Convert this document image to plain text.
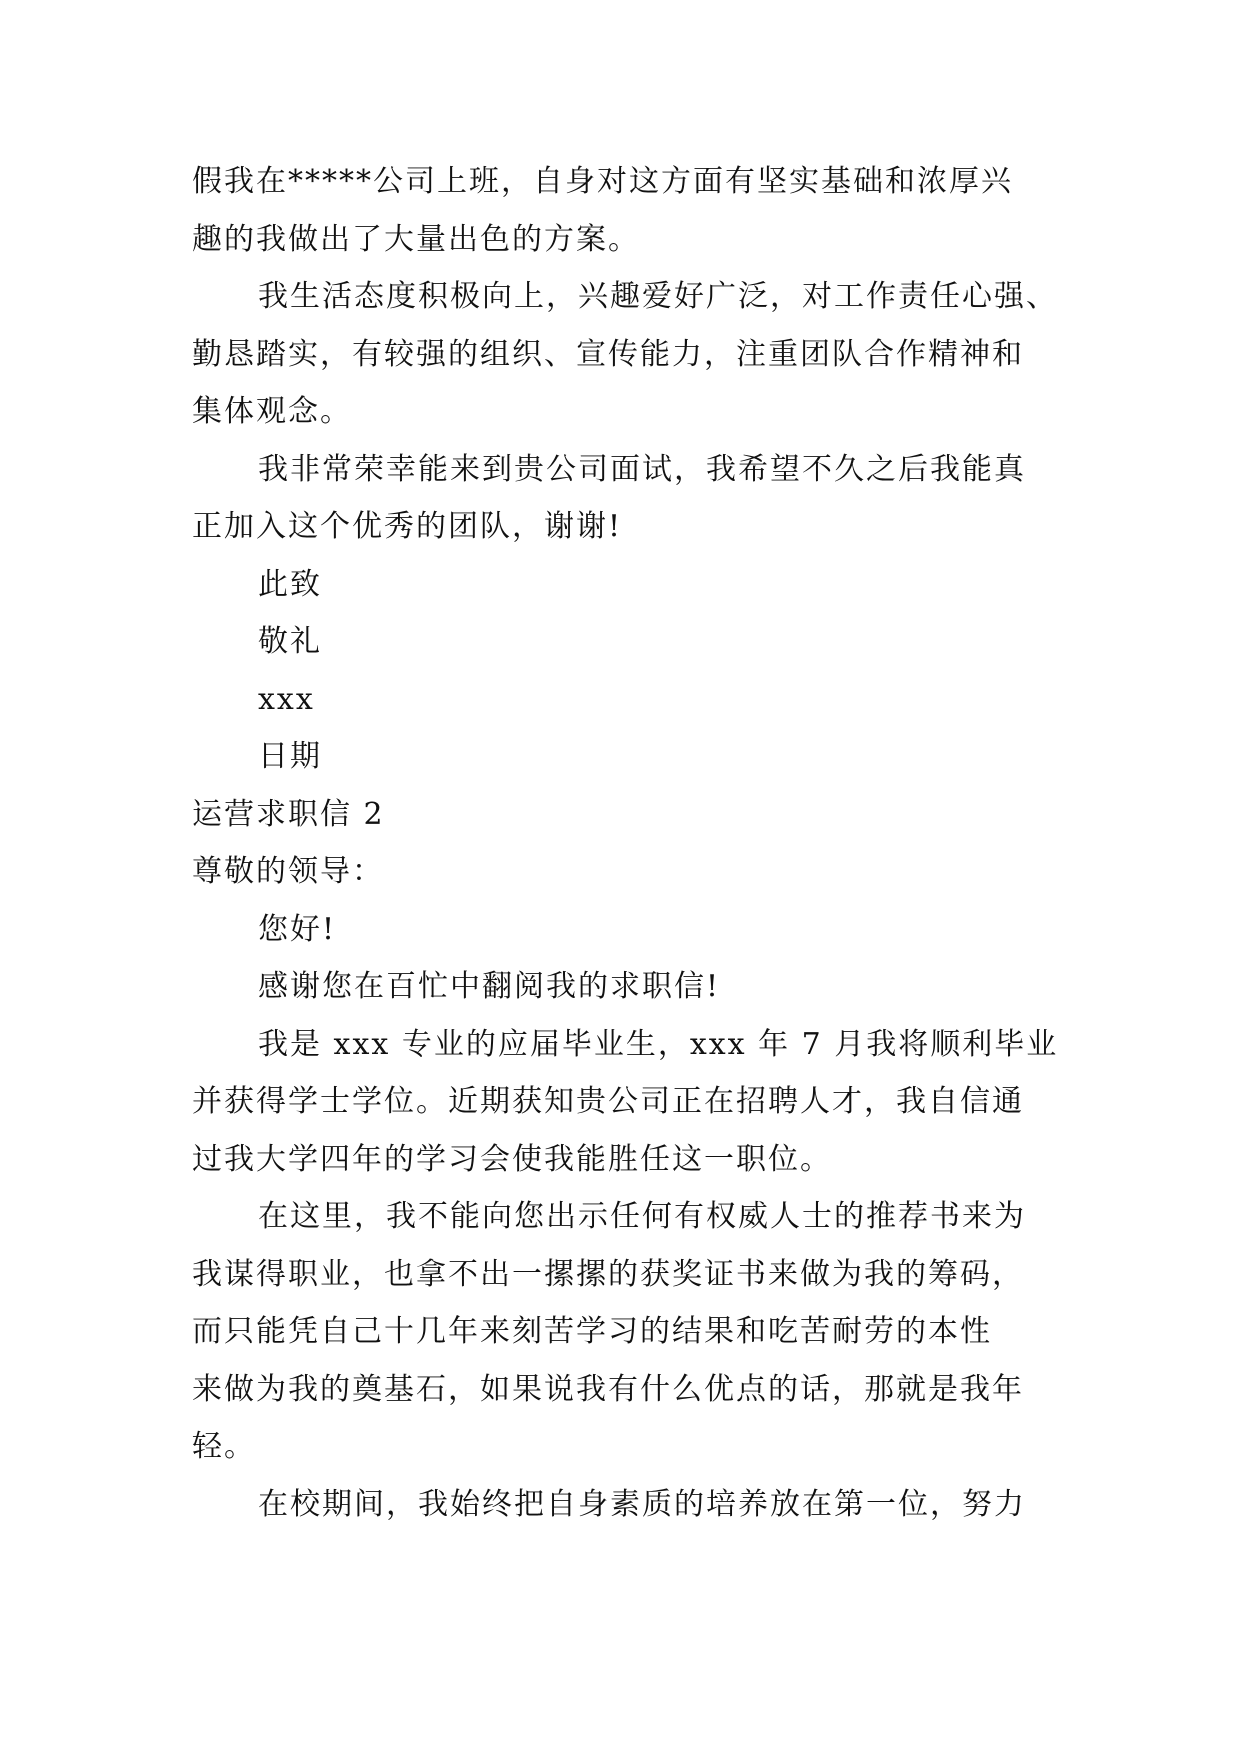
假我在*****公司上班，自身对这方面有坚实基础和浓厚兴
趣的我做出了大量出色的方案。
我生活态度积极向上，兴趣爱好广泛，对工作责任心强、
勤恳踏实，有较强的组织、宣传能力，注重团队合作精神和
集体观念。
我非常荣幸能来到贵公司面试，我希望不久之后我能真
正加入这个优秀的团队，谢谢!
此致
敬礼
xxx
日期
运营求职信 2
尊敬的领导：
您好!
感谢您在百忙中翻阅我的求职信!
我是 xxx 专业的应届毕业生，xxx 年 7 月我将顺利毕业
并获得学士学位。近期获知贵公司正在招聘人才，我自信通
过我大学四年的学习会使我能胜任这一职位。
在这里，我不能向您出示任何有权威人士的推荐书来为
我谋得职业，也拿不出一摞摞的获奖证书来做为我的筹码，
而只能凭自己十几年来刻苦学习的结果和吃苦耐劳的本性
来做为我的奠基石，如果说我有什么优点的话，那就是我年
轻。
在校期间，我始终把自身素质的培养放在第一位，努力
